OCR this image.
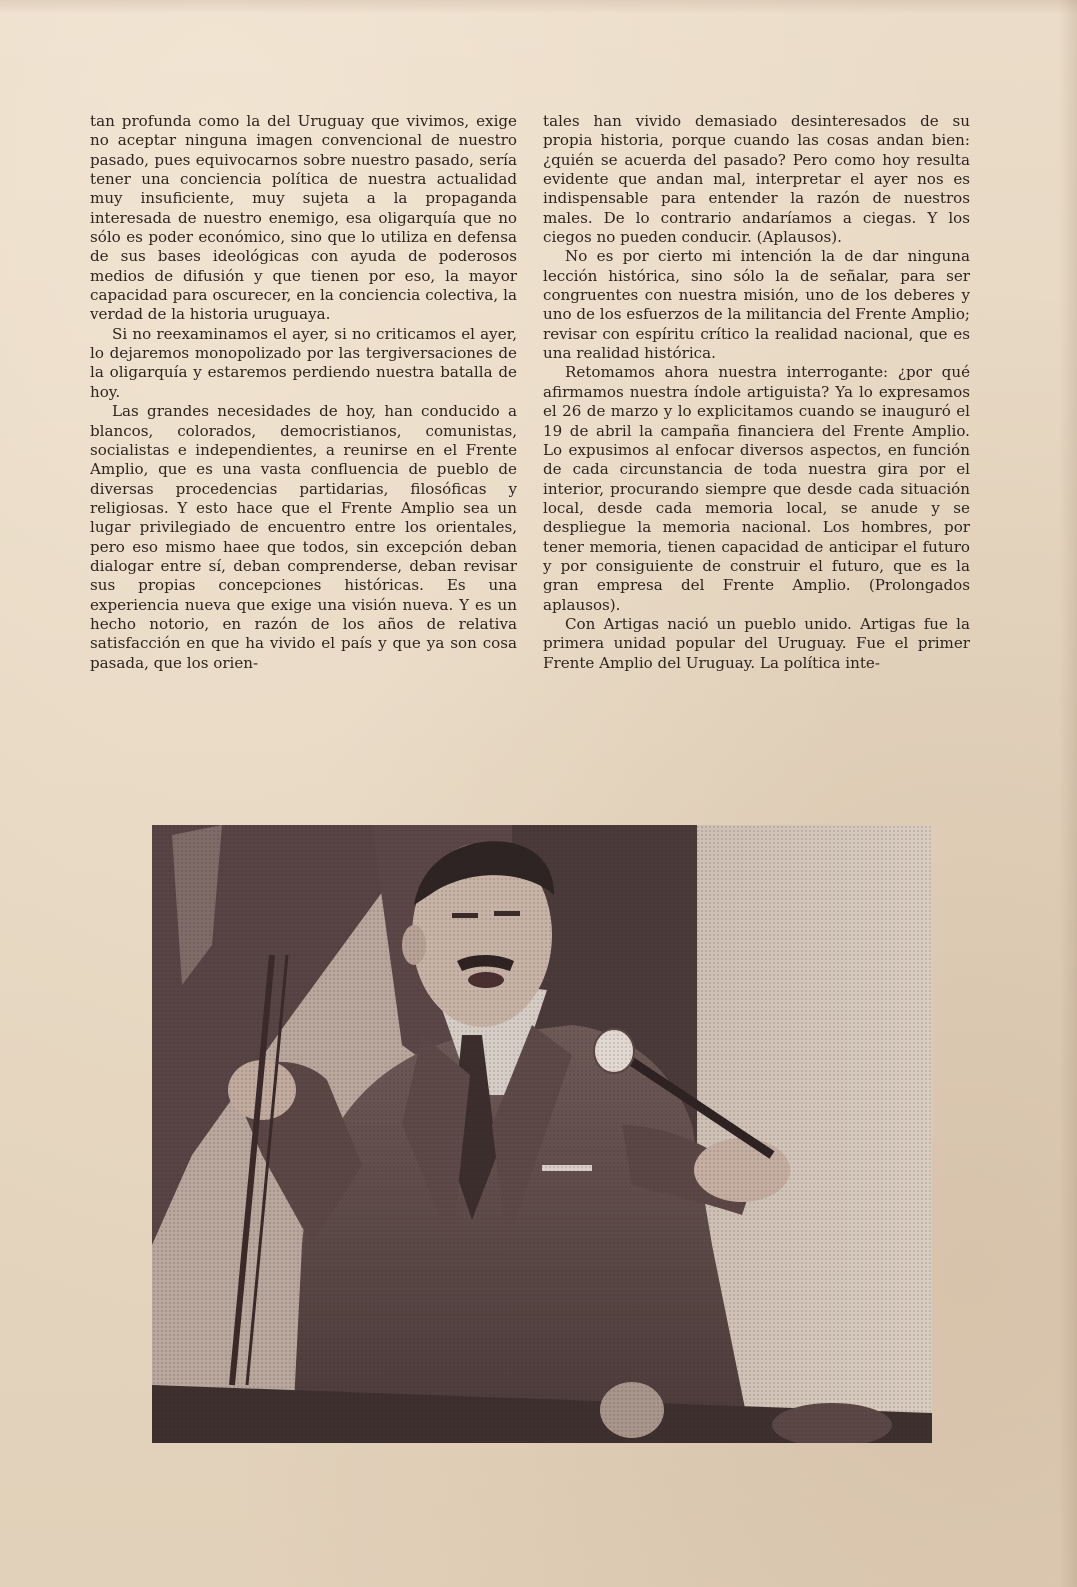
tan profunda como la del Uruguay que vivimos, exige no aceptar ninguna imagen convencional de nuestro pasado, pues equivocarnos sobre nuestro pasado, sería tener una conciencia política de nuestra actualidad muy insuficiente, muy sujeta a la propaganda interesada de nuestro enemigo, esa oligarquía que no sólo es poder económico, sino que lo utiliza en defensa de sus bases ideológicas con ayuda de poderosos medios de difusión y que tienen por eso, la mayor capacidad para oscurecer, en la conciencia colectiva, la verdad de la historia uruguaya.

Si no reexaminamos el ayer, si no criticamos el ayer, lo dejaremos monopolizado por las tergiversaciones de la oligarquía y estaremos perdiendo nuestra batalla de hoy.

Las grandes necesidades de hoy, han conducido a blancos, colorados, democristianos, comunistas, socialistas e independientes, a reunirse en el Frente Amplio, que es una vasta confluencia de pueblo de diversas procedencias partidarias, filosóficas y religiosas. Y esto hace que el Frente Amplio sea un lugar privilegiado de encuentro entre los orientales, pero eso mismo haee que todos, sin excepción deban dialogar entre sí, deban comprenderse, deban revisar sus propias concepciones históricas. Es una experiencia nueva que exige una visión nueva. Y es un hecho notorio, en razón de los años de relativa satisfacción en que ha vivido el país y que ya son cosa pasada, que los orien-

tales han vivido demasiado desinteresados de su propia historia, porque cuando las cosas andan bien: ¿quién se acuerda del pasado? Pero como hoy resulta evidente que andan mal, interpretar el ayer nos es indispensable para entender la razón de nuestros males. De lo contrario andaríamos a ciegas. Y los ciegos no pueden conducir. (Aplausos).

No es por cierto mi intención la de dar ninguna lección histórica, sino sólo la de señalar, para ser congruentes con nuestra misión, uno de los deberes y uno de los esfuerzos de la militancia del Frente Amplio; revisar con espíritu crítico la realidad nacional, que es una realidad histórica.

Retomamos ahora nuestra interrogante: ¿por qué afirmamos nuestra índole artiguista? Ya lo expresamos el 26 de marzo y lo explicitamos cuando se inauguró el 19 de abril la campaña financiera del Frente Amplio. Lo expusimos al enfocar diversos aspectos, en función de cada circunstancia de toda nuestra gira por el interior, procurando siempre que desde cada situación local, desde cada memoria local, se anude y se despliegue la memoria nacional. Los hombres, por tener memoria, tienen capacidad de anticipar el futuro y por consiguiente de construir el futuro, que es la gran empresa del Frente Amplio. (Prolongados aplausos).

Con Artigas nació un pueblo unido. Artigas fue la primera unidad popular del Uruguay. Fue el primer Frente Amplio del Uruguay. La política inte-
